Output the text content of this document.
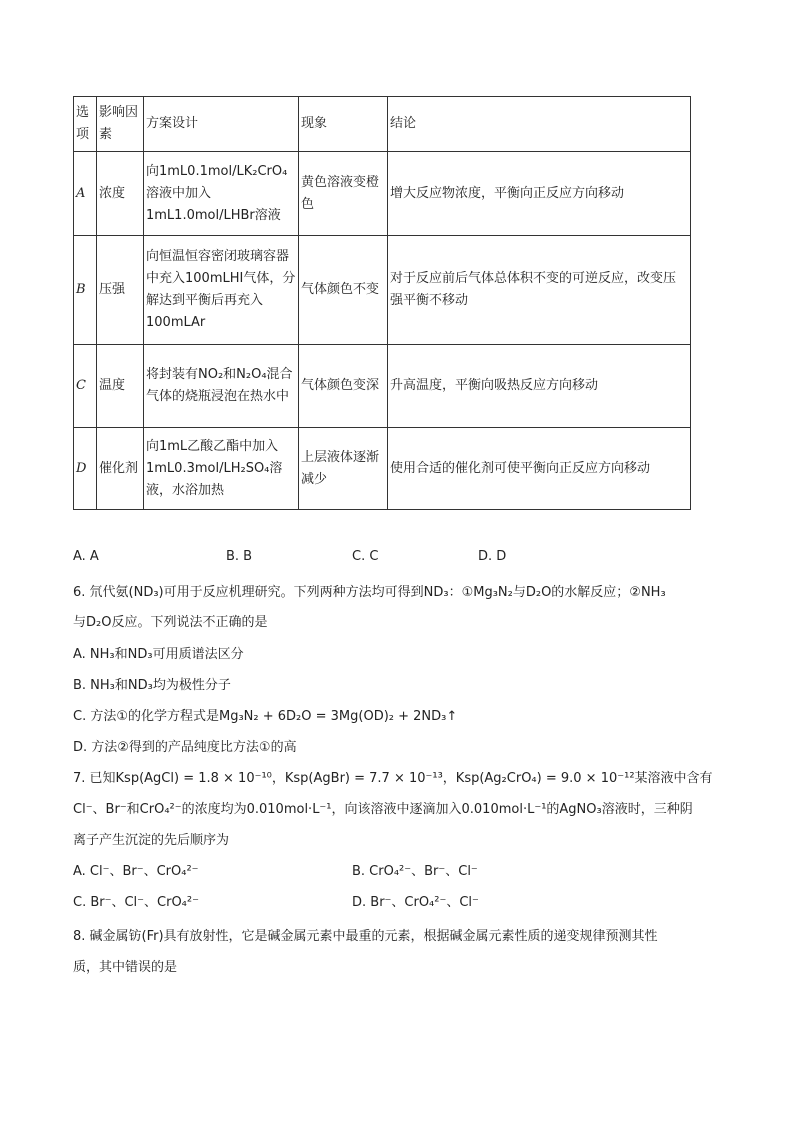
选项	影响因素	方案设计	现象	结论
A	浓度	向1mL0.1mol/LK₂CrO₄溶液中加入1mL1.0mol/LHBr溶液	黄色溶液变橙色	增大反应物浓度，平衡向正反应方向移动
B	压强	向恒温恒容密闭玻璃容器中充入100mLHI气体，分解达到平衡后再充入100mLAr	气体颜色不变	对于反应前后气体总体积不变的可逆反应，改变压强平衡不移动
C	温度	将封装有NO₂和N₂O₄混合气体的烧瓶浸泡在热水中	气体颜色变深	升高温度，平衡向吸热反应方向移动
D	催化剂	向1mL乙酸乙酯中加入1mL0.3mol/LH₂SO₄溶液，水浴加热	上层液体逐渐减少	使用合适的催化剂可使平衡向正反应方向移动
A. A	B. B	C. C	D. D
6. 氘代氨(ND₃)可用于反应机理研究。下列两种方法均可得到ND₃：①Mg₃N₂与D₂O的水解反应；②NH₃
与D₂O反应。下列说法不正确的是
A. NH₃和ND₃可用质谱法区分
B. NH₃和ND₃均为极性分子
C. 方法①的化学方程式是Mg₃N₂ + 6D₂O = 3Mg(OD)₂ + 2ND₃↑
D. 方法②得到的产品纯度比方法①的高
7. 已知Ksp(AgCl) = 1.8 × 10⁻¹⁰，Ksp(AgBr) = 7.7 × 10⁻¹³，Ksp(Ag₂CrO₄) = 9.0 × 10⁻¹²某溶液中含有
Cl⁻、Br⁻和CrO₄²⁻的浓度均为0.010mol·L⁻¹，向该溶液中逐滴加入0.010mol·L⁻¹的AgNO₃溶液时，三种阴
离子产生沉淀的先后顺序为
A. Cl⁻、Br⁻、CrO₄²⁻	B. CrO₄²⁻、Br⁻、Cl⁻
C. Br⁻、Cl⁻、CrO₄²⁻	D. Br⁻、CrO₄²⁻、Cl⁻
8. 碱金属钫(Fr)具有放射性，它是碱金属元素中最重的元素，根据碱金属元素性质的递变规律预测其性
质，其中错误的是
